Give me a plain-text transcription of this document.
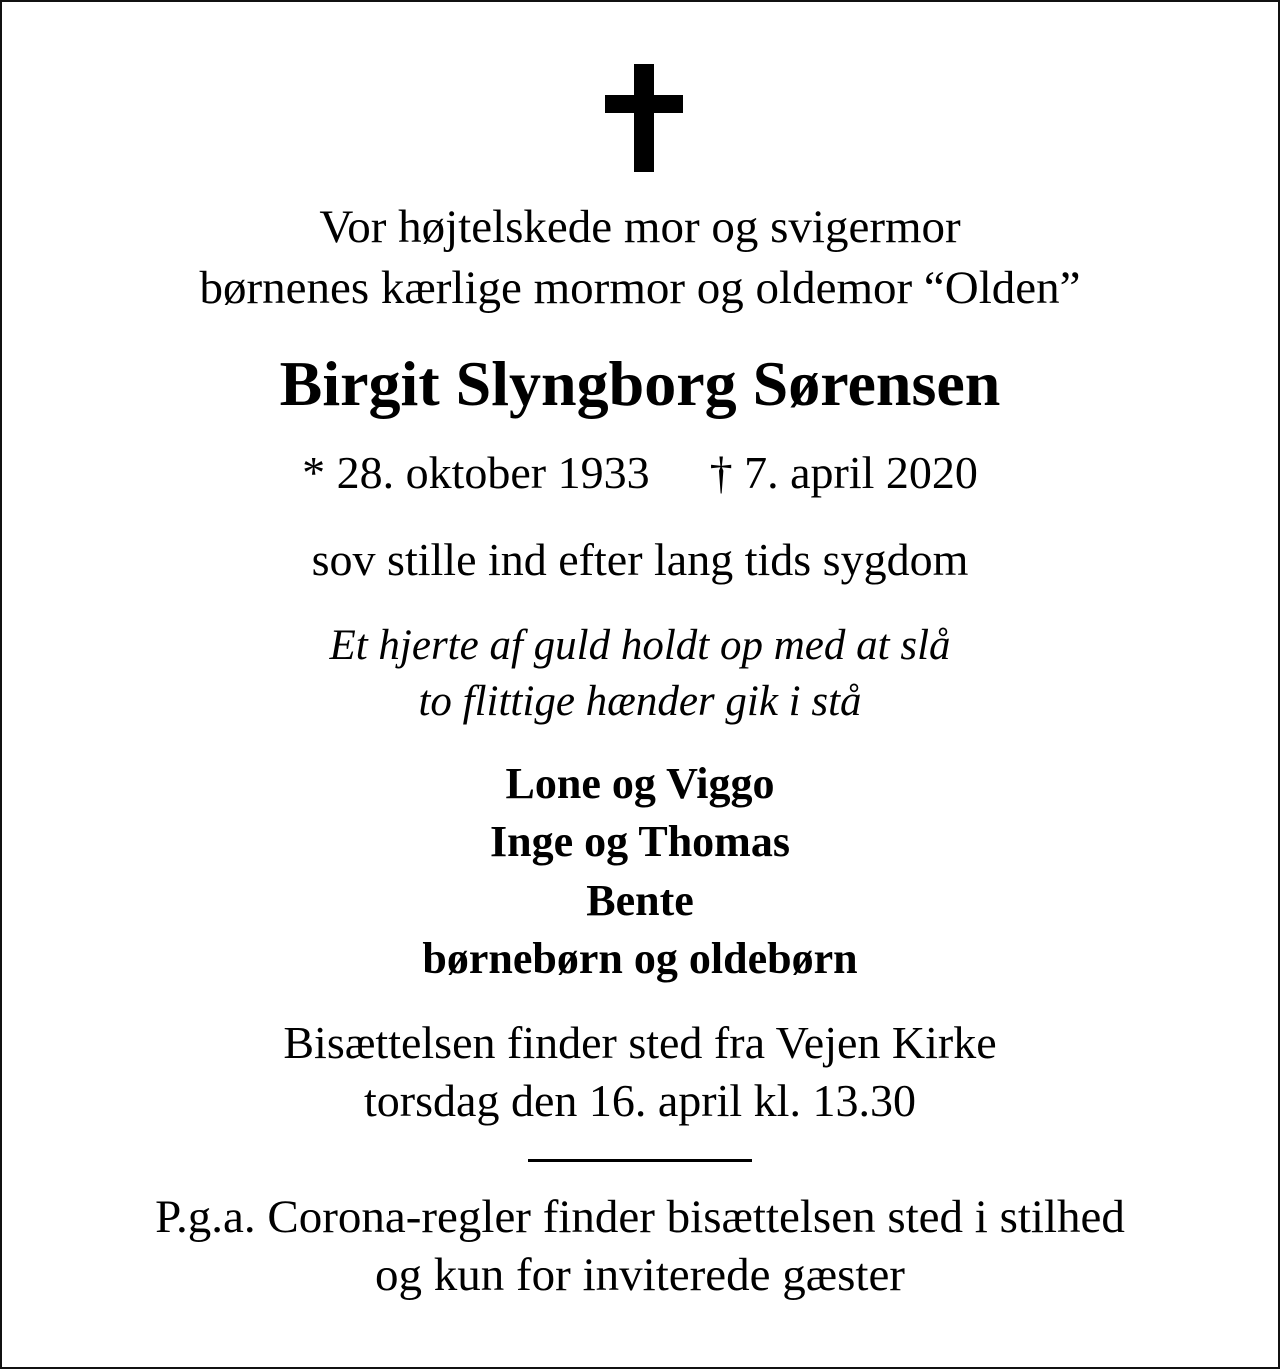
Vor højtelskede mor og svigermor
børnenes kærlige mormor og oldemor “Olden”
Birgit Slyngborg Sørensen
* 28. oktober 1933 † 7. april 2020
sov stille ind efter lang tids sygdom
Et hjerte af guld holdt op med at slå
to flittige hænder gik i stå
Lone og Viggo
Inge og Thomas
Bente
børnebørn og oldebørn
Bisættelsen finder sted fra Vejen Kirke
torsdag den 16. april kl. 13.30
P.g.a. Corona-regler finder bisættelsen sted i stilhed
og kun for inviterede gæster
